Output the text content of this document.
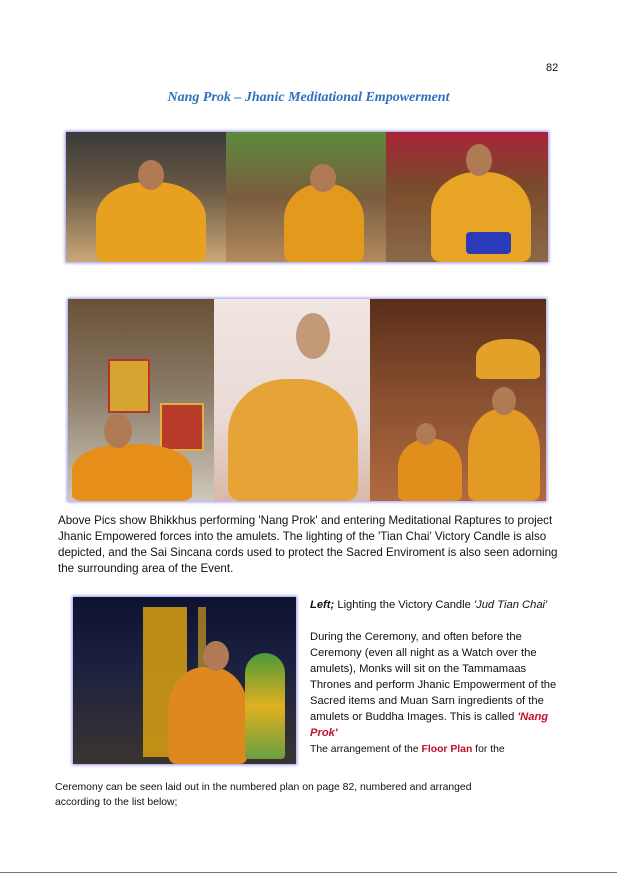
82
Nang Prok – Jhanic Meditational Empowerment
Above Pics show Bhikkhus performing 'Nang Prok' and entering Meditational Raptures to project Jhanic Empowered forces into the amulets. The lighting of the 'Tian Chai' Victory Candle is also depicted, and the Sai Sincana cords used to protect the Sacred Enviroment is also seen adorning the surrounding area of the Event.

Left; Lighting the Victory Candle 'Jud Tian Chai'

During the Ceremony, and often before the Ceremony (even all night as a Watch over the amulets), Monks will sit on the Tammamaas Thrones and perform Jhanic Empowerment of the Sacred items and Muan Sarn ingredients of the amulets or Buddha Images. This is called 'Nang Prok'
The arrangement of the Floor Plan for the

Ceremony can be seen laid out in the numbered plan on page 82, numbered and arranged
according to the list below;
